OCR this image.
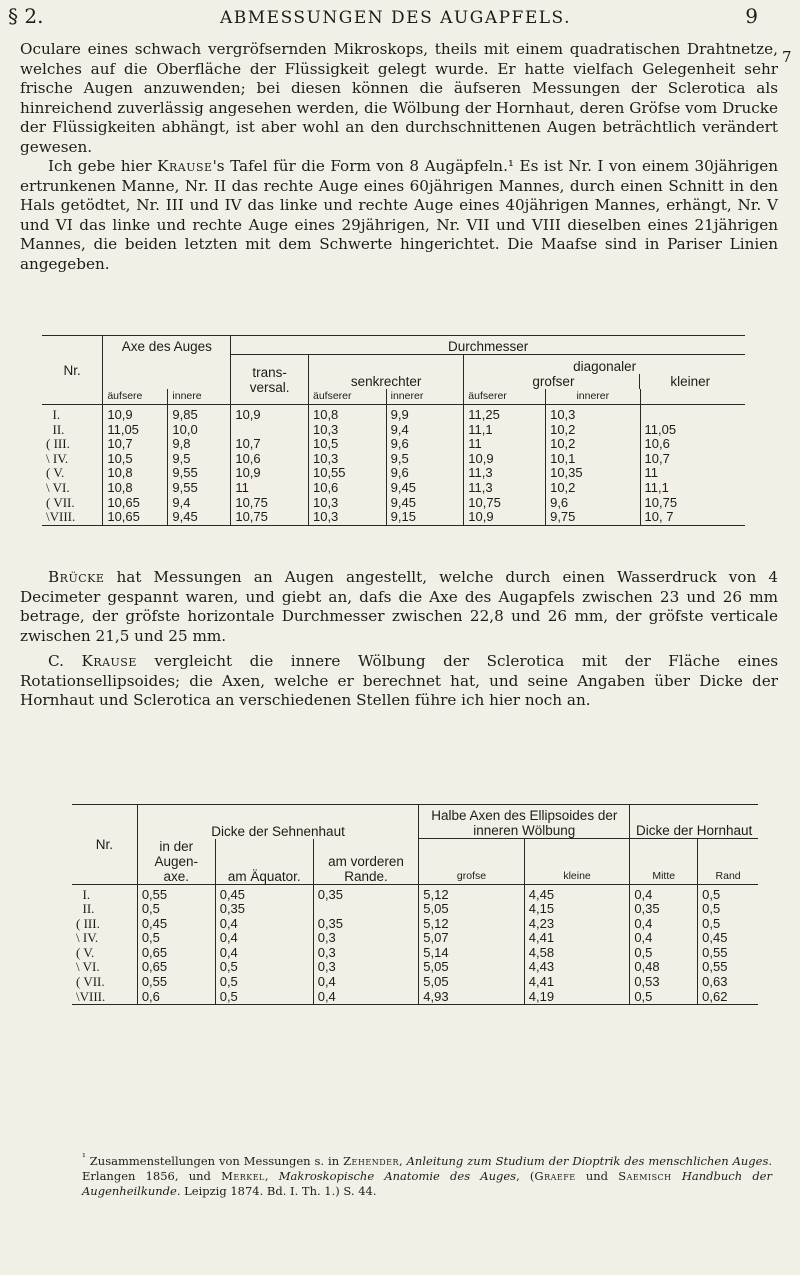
§ 2.	ABMESSUNGEN DES AUGAPFELS.	9
7

Oculare eines schwach vergröfsernden Mikroskops, theils mit einem quadratischen Drahtnetze, welches auf die Oberfläche der Flüssigkeit gelegt wurde. Er hatte vielfach Gelegenheit sehr frische Augen anzuwenden; bei diesen können die äufseren Messungen der Sclerotica als hinreichend zuverlässig angesehen werden, die Wölbung der Hornhaut, deren Gröfse vom Drucke der Flüssigkeiten abhängt, ist aber wohl an den durchschnittenen Augen beträchtlich verändert gewesen.

Ich gebe hier Krause's Tafel für die Form von 8 Augäpfeln.¹ Es ist Nr. I von einem 30jährigen ertrunkenen Manne, Nr. II das rechte Auge eines 60jährigen Mannes, durch einen Schnitt in den Hals getödtet, Nr. III und IV das linke und rechte Auge eines 40jährigen Mannes, erhängt, Nr. V und VI das linke und rechte Auge eines 29jährigen, Nr. VII und VIII dieselben eines 21jährigen Mannes, die beiden letzten mit dem Schwerte hingerichtet. Die Maafse sind in Pariser Linien angegeben.

Nr.	Axe des Auges		Durchmesser					
			trans-versal.	senkrechter		diagonaler
grofser kleiner		

	äufsere	innere		äufserer	innerer	äufserer	innerer	
I.	10,9	9,85	10,9	10,8	9,9	11,25	10,3	
II.	11,05	10,0		10,3	9,4	11,1	10,2	11,05
( III.	10,7	9,8	10,7	10,5	9,6	11	10,2	10,6
\ IV.	10,5	9,5	10,6	10,3	9,5	10,9	10,1	10,7
( V.	10,8	9,55	10,9	10,55	9,6	11,3	10,35	11
\ VI.	10,8	9,55	11	10,6	9,45	11,3	10,2	11,1
( VII.	10,65	9,4	10,75	10,3	9,45	10,75	9,6	10,75
\VIII.	10,65	9,45	10,75	10,3	9,15	10,9	9,75	10, 7

Brücke hat Messungen an Augen angestellt, welche durch einen Wasserdruck von 4 Decimeter gespannt waren, und giebt an, dafs die Axe des Augapfels zwischen 23 und 26 mm betrage, der gröfste horizontale Durchmesser zwischen 22,8 und 26 mm, der gröfste verticale zwischen 21,5 und 25 mm.

C. Krause vergleicht die innere Wölbung der Sclerotica mit der Fläche eines Rotationsellipsoides; die Axen, welche er berechnet hat, und seine Angaben über Dicke der Hornhaut und Sclerotica an verschiedenen Stellen führe ich hier noch an.

Nr.	Dicke der Sehnenhaut			Halbe Axen des Ellipsoides der inneren Wölbung		Dicke der Hornhaut	
	in der Augen-axe.	am Äquator.	am vorderen Rande.	grofse	kleine	Mitte	Rand
I.	0,55	0,45	0,35	5,12	4,45	0,4	0,5
II.	0,5	0,35		5,05	4,15	0,35	0,5
( III.	0,45	0,4	0,35	5,12	4,23	0,4	0,5
\ IV.	0,5	0,4	0,3	5,07	4,41	0,4	0,45
( V.	0,65	0,4	0,3	5,14	4,58	0,5	0,55
\ VI.	0,65	0,5	0,3	5,05	4,43	0,48	0,55
( VII.	0,55	0,5	0,4	5,05	4,41	0,53	0,63
\VIII.	0,6	0,5	0,4	4,93	4,19	0,5	0,62
$^{^1}$ Zusammenstellungen von Messungen s. in Zehender, Anleitung zum Studium der Dioptrik des menschlichen Auges. Erlangen 1856, und Merkel, Makroskopische Anatomie des Auges, (Graefe und Saemisch Handbuch der Augenheilkunde. Leipzig 1874. Bd. I. Th. 1.) S. 44.
